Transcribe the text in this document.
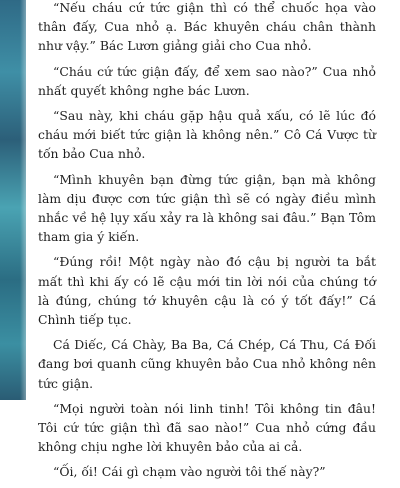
“Nếu cháu cứ tức giận thì có thể chuốc họa vào thân đấy, Cua nhỏ ạ. Bác khuyên cháu chân thành như vậy.” Bác Lươn giảng giải cho Cua nhỏ.

“Cháu cứ tức giận đấy, để xem sao nào?” Cua nhỏ nhất quyết không nghe bác Lươn.

“Sau này, khi cháu gặp hậu quả xấu, có lẽ lúc đó cháu mới biết tức giận là không nên.” Cô Cá Vược từ tốn bảo Cua nhỏ.

“Mình khuyên bạn đừng tức giận, bạn mà không làm dịu được cơn tức giận thì sẽ có ngày điều mình nhắc về hệ lụy xấu xảy ra là không sai đâu.” Bạn Tôm tham gia ý kiến.

“Đúng rồi! Một ngày nào đó cậu bị người ta bắt mất thì khi ấy có lẽ cậu mới tin lời nói của chúng tớ là đúng, chúng tớ khuyên cậu là có ý tốt đấy!” Cá Chình tiếp tục.

Cá Diếc, Cá Chày, Ba Ba, Cá Chép, Cá Thu, Cá Đối đang bơi quanh cũng khuyên bảo Cua nhỏ không nên tức giận.

“Mọi người toàn nói linh tinh! Tôi không tin đâu! Tôi cứ tức giận thì đã sao nào!” Cua nhỏ cứng đầu không chịu nghe lời khuyên bảo của ai cả.

“Ối, ối! Cái gì chạm vào người tôi thế này?”
